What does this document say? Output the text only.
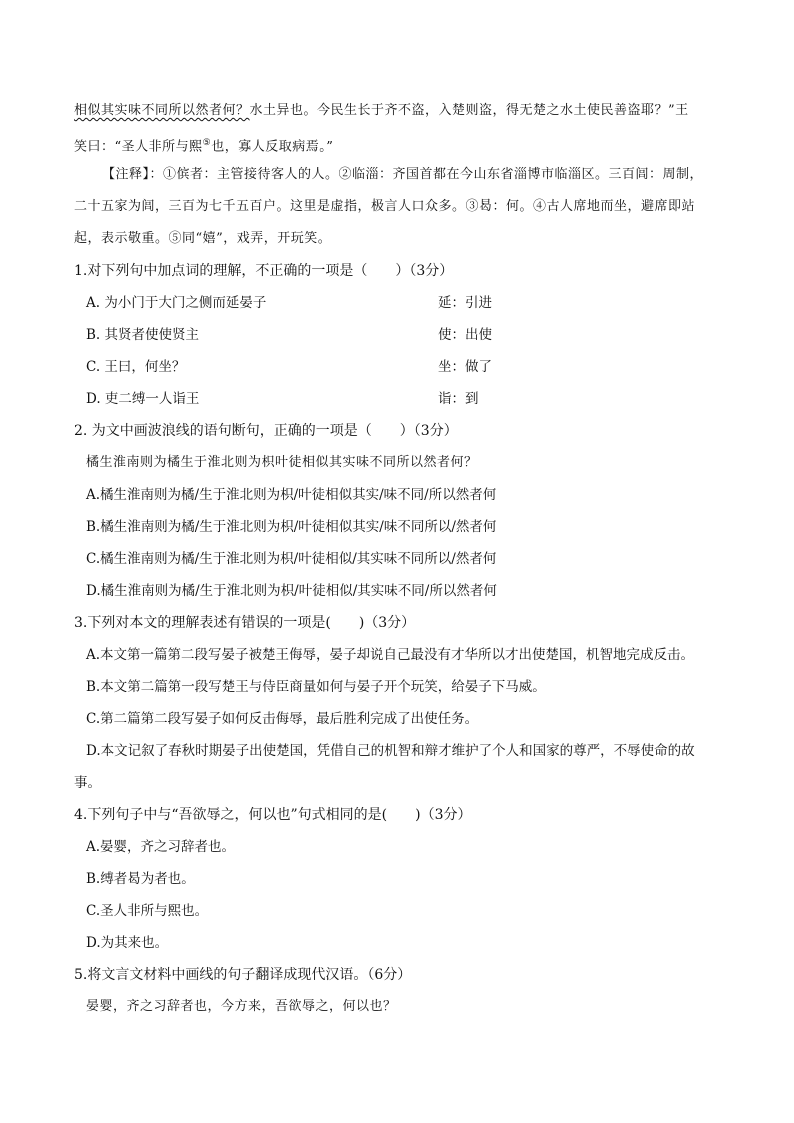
相似其实味不同所以然者何？水土异也。今民生长于齐不盗，入楚则盗，得无楚之水土使民善盗耶？”王
笑曰：“圣人非所与熙⑤也，寡人反取病焉。”
【注释】：①傧者：主管接待客人的人。②临淄：齐国首都在今山东省淄博市临淄区。三百闾：周制，
二十五家为闾，三百为七千五百户。这里是虚指，极言人口众多。③曷：何。④古人席地而坐，避席即站
起，表示敬重。⑤同“嬉”，戏弄，开玩笑。
1.对下列句中加点词的理解，不正确的一项是（　　）（3分）
A. 为小门于大门之侧而延晏子	延：引进
B. 其贤者使使贤主	使：出使
C. 王曰，何坐？	坐：做了
D. 吏二缚一人诣王	诣：到
2. 为文中画波浪线的语句断句，正确的一项是（　　）（3分）
橘生淮南则为橘生于淮北则为枳叶徒相似其实味不同所以然者何？
A.橘生淮南则为橘/生于淮北则为枳/叶徒相似其实/味不同/所以然者何
B.橘生淮南则为橘/生于淮北则为枳/叶徒相似其实/味不同所以/然者何
C.橘生淮南则为橘/生于淮北则为枳/叶徒相似/其实味不同所以/然者何
D.橘生淮南则为橘/生于淮北则为枳/叶徒相似/其实味不同/所以然者何
3.下列对本文的理解表述有错误的一项是(　　)（3分）
A.本文第一篇第二段写晏子被楚王侮辱，晏子却说自己最没有才华所以才出使楚国，机智地完成反击。
B.本文第二篇第一段写楚王与侍臣商量如何与晏子开个玩笑，给晏子下马威。
C.第二篇第二段写晏子如何反击侮辱，最后胜利完成了出使任务。
D.本文记叙了春秋时期晏子出使楚国，凭借自己的机智和辩才维护了个人和国家的尊严，不辱使命的故
事。
4.下列句子中与“吾欲辱之，何以也”句式相同的是(　　)（3分）
A.晏婴，齐之习辞者也。
B.缚者曷为者也。
C.圣人非所与熙也。
D.为其来也。
5.将文言文材料中画线的句子翻译成现代汉语。（6分）
晏婴，齐之习辞者也，今方来，吾欲辱之，何以也？
